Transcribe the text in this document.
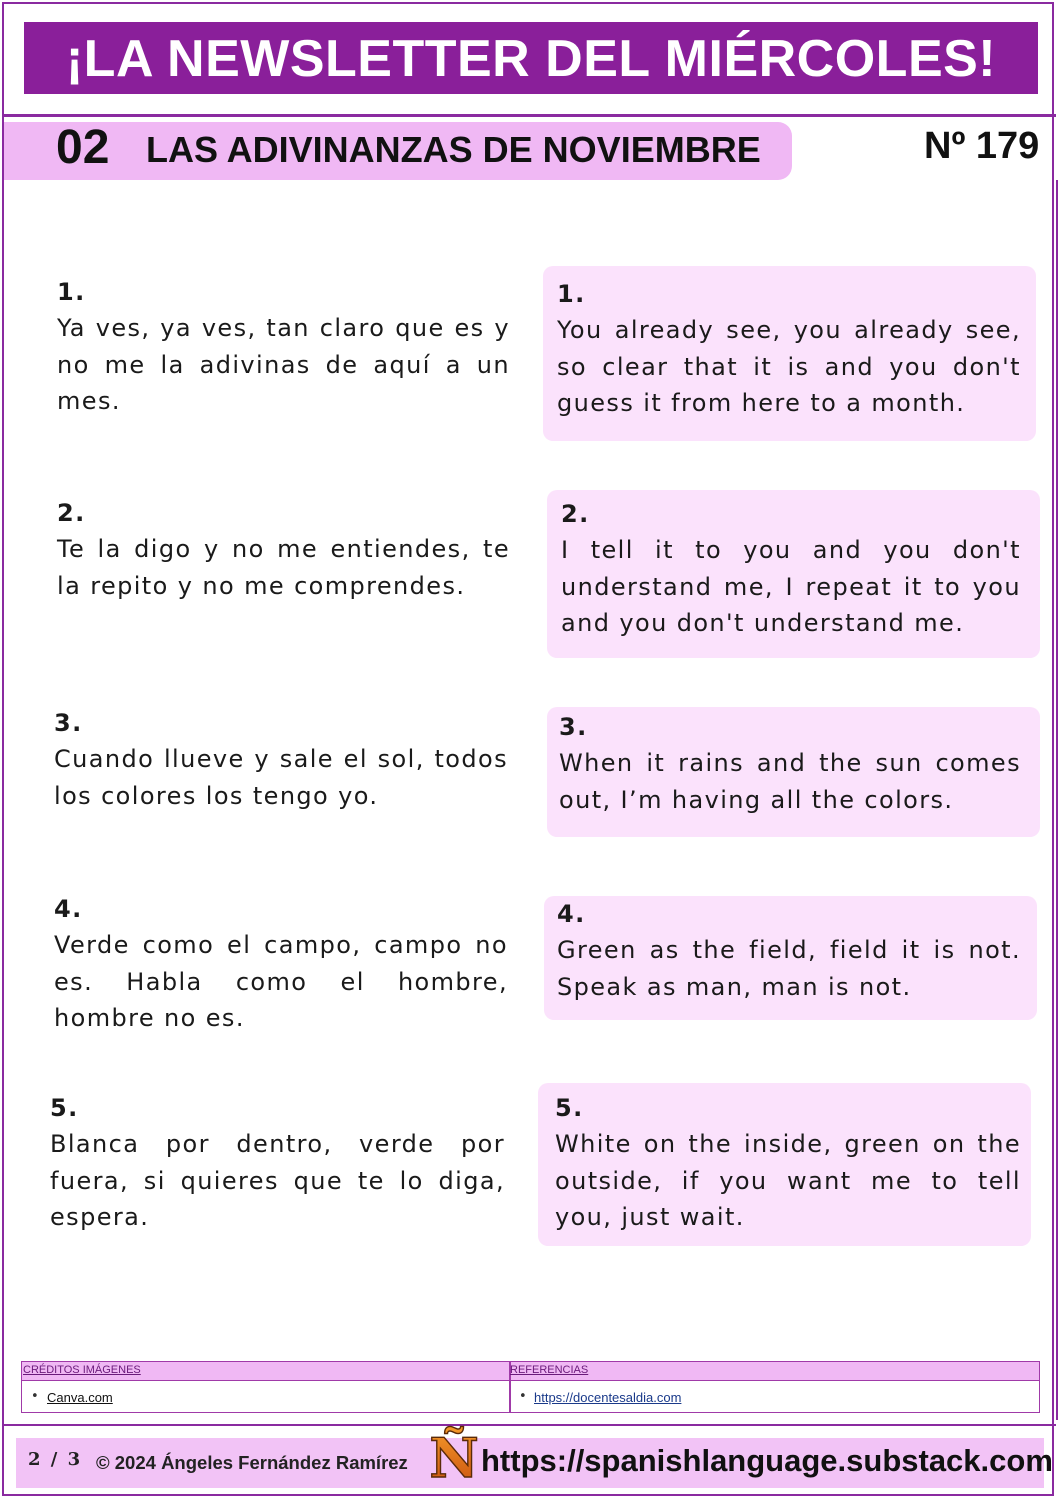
¡LA NEWSLETTER DEL MIÉRCOLES!
02 LAS ADIVINANZAS DE NOVIEMBRE	Nº 179
1.
Ya ves, ya ves, tan claro que es y no me la adivinas de aquí a un mes.
1.
You already see, you already see, so clear that it is and you don't guess it from here to a month.
2.
Te la digo y no me entiendes, te la repito y no me comprendes.
2.
I tell it to you and you don't understand me, I repeat it to you and you don't understand me.
3.
Cuando llueve y sale el sol, todos los colores los tengo yo.
3.
When it rains and the sun comes out, I’m having all the colors.
4.
Verde como el campo, campo no es. Habla como el hombre, hombre no es.
4.
Green as the field, field it is not. Speak as man, man is not.
5.
Blanca por dentro, verde por fuera, si quieres que te lo diga, espera.
5.
White on the inside, green on the outside, if you want me to tell you, just wait.
CRÉDITOS IMÁGENES	REFERENCIAS
• Canva.com	• https://docentesaldia.com
2 / 3 © 2024 Ángeles Fernández Ramírez Ñ https://spanishlanguage.substack.com
